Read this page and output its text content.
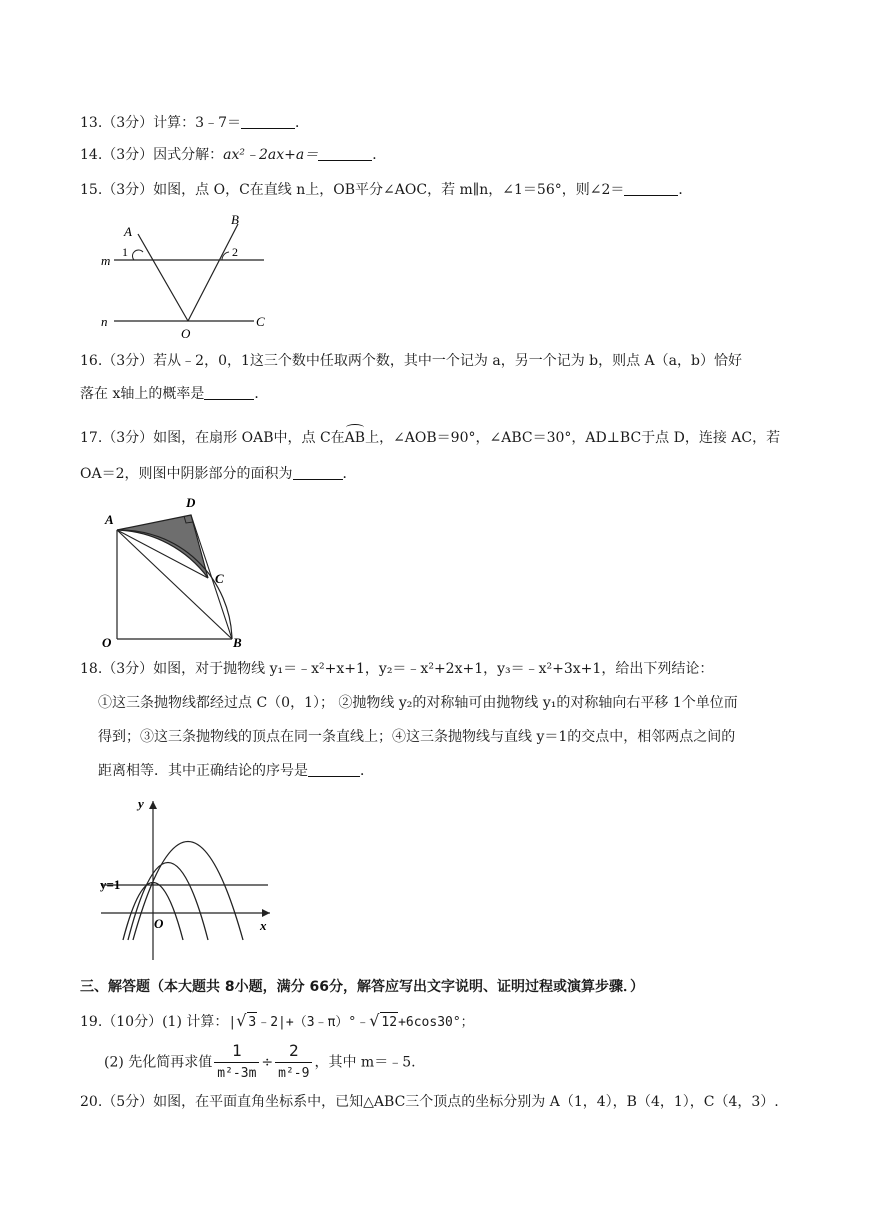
13.（3分）计算：3﹣7＝	．
14.（3分）因式分解：ax²﹣2ax+a＝	．
15.（3分）如图，点 O，C在直线 n上，OB平分∠AOC，若 m∥n，∠1＝56°，则∠2＝	．
A
B
1	2
m
n
O
C
16.（3分）若从﹣2，0，1这三个数中任取两个数，其中一个记为 a，另一个记为 b，则点 A（a，b）恰好
落在 x轴上的概率是	．
17.（3分）如图，在扇形 OAB中，点 C在AB上，∠AOB＝90°，∠ABC＝30°，AD⊥BC于点 D，连接 AC，若
OA＝2，则图中阴影部分的面积为	．
A
D
C
O	B
18.（3分）如图，对于抛物线 y₁＝﹣x²+x+1，y₂＝﹣x²+2x+1，y₃＝﹣x²+3x+1，给出下列结论：
①这三条抛物线都经过点 C（0，1）； ②抛物线 y₂的对称轴可由抛物线 y₁的对称轴向右平移 1个单位而
得到；③这三条抛物线的顶点在同一条直线上；④这三条抛物线与直线 y＝1的交点中，相邻两点之间的
距离相等．其中正确结论的序号是	．
y
y=1
O	x
三、解答题（本大题共 8小题，满分 66分，解答应写出文字说明、证明过程或演算步骤．）
19.（10分）(1) 计算：|√ 3﹣2|+（3﹣π）°﹣√ 12+6cos30°；
(2) 先化简再求值 $\frac{1}{\text{m²-3m}} \div \frac{2}{\text{m²-9}}$ ，其中 m＝﹣5.
20.（5分）如图，在平面直角坐标系中，已知△ABC三个顶点的坐标分别为 A（1，4），B（4，1），C（4，3）.
